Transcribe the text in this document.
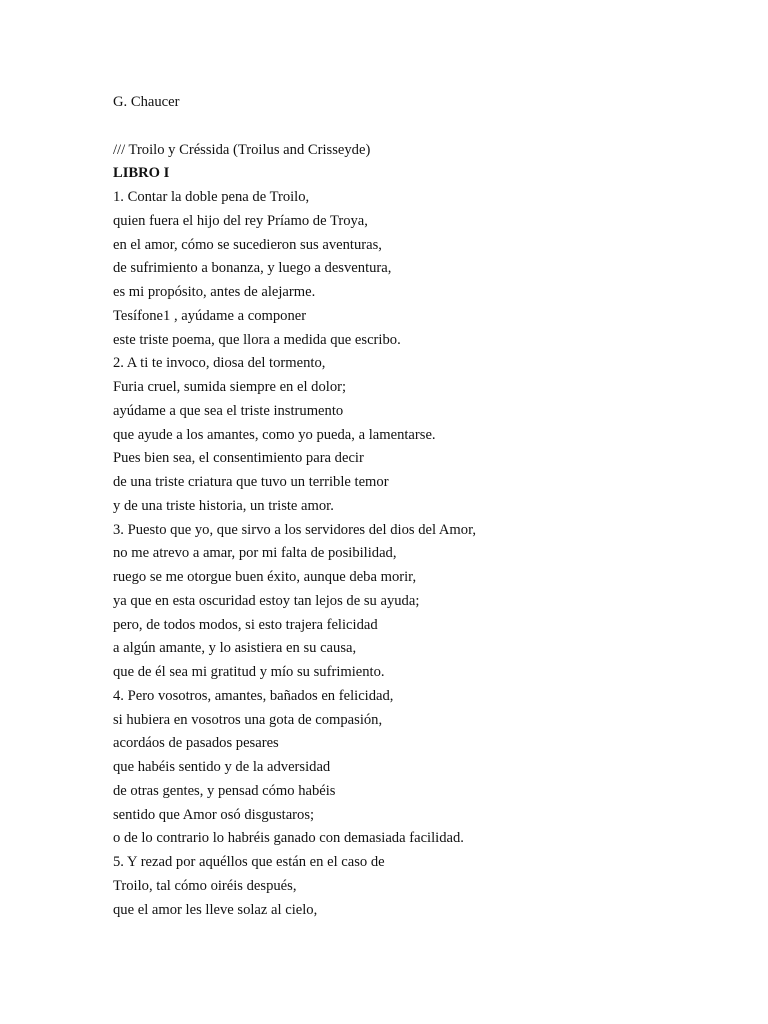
G. Chaucer
/// Troilo y Créssida (Troilus and Crisseyde)
LIBRO I
1. Contar la doble pena de Troilo,
quien fuera el hijo del rey Príamo de Troya,
en el amor, cómo se sucedieron sus aventuras,
de sufrimiento a bonanza, y luego a desventura,
es mi propósito, antes de alejarme.
Tesífone1 , ayúdame a componer
este triste poema, que llora a medida que escribo.
2. A ti te invoco, diosa del tormento,
Furia cruel, sumida siempre en el dolor;
ayúdame a que sea el triste instrumento
que ayude a los amantes, como yo pueda, a lamentarse.
Pues bien sea, el consentimiento para decir
de una triste criatura que tuvo un terrible temor
y de una triste historia, un triste amor.
3. Puesto que yo, que sirvo a los servidores del dios del Amor,
no me atrevo a amar, por mi falta de posibilidad,
ruego se me otorgue buen éxito, aunque deba morir,
ya que en esta oscuridad estoy tan lejos de su ayuda;
pero, de todos modos, si esto trajera felicidad
a algún amante, y lo asistiera en su causa,
que de él sea mi gratitud y mío su sufrimiento.
4. Pero vosotros, amantes, bañados en felicidad,
si hubiera en vosotros una gota de compasión,
acordáos de pasados pesares
que habéis sentido y de la adversidad
de otras gentes, y pensad cómo habéis
sentido que Amor osó disgustaros;
o de lo contrario lo habréis ganado con demasiada facilidad.
5. Y rezad por aquéllos que están en el caso de
Troilo, tal cómo oiréis después,
que el amor les lleve solaz al cielo,
